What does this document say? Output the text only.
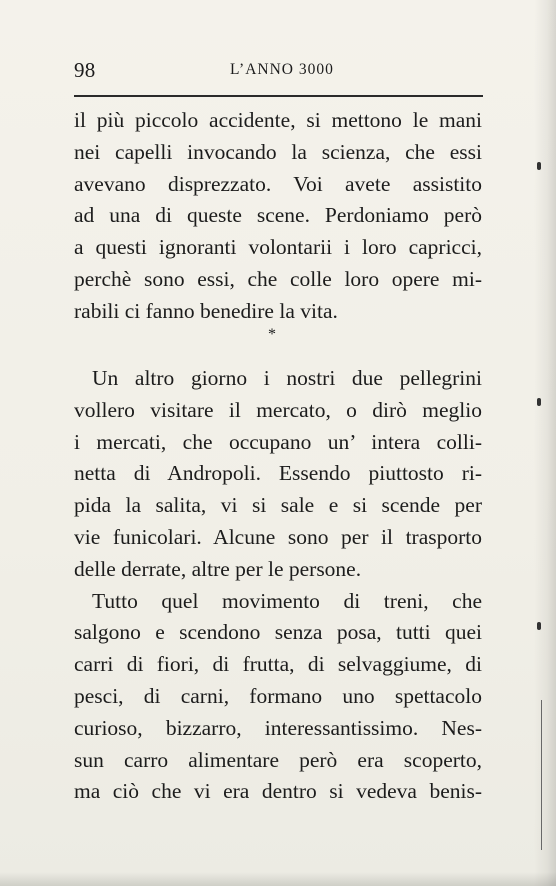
98	L’ANNO 3000
il più piccolo accidente, si mettono le mani
nei capelli invocando la scienza, che essi
avevano disprezzato. Voi avete assistito
ad una di queste scene. Perdoniamo però
a questi ignoranti volontarii i loro capricci,
perchè sono essi, che colle loro opere mi-
rabili ci fanno benedire la vita.
*
Un altro giorno i nostri due pellegrini
vollero visitare il mercato, o dirò meglio
i mercati, che occupano un’ intera colli-
netta di Andropoli. Essendo piuttosto ri-
pida la salita, vi si sale e si scende per
vie funicolari. Alcune sono per il trasporto
delle derrate, altre per le persone.
Tutto quel movimento di treni, che
salgono e scendono senza posa, tutti quei
carri di fiori, di frutta, di selvaggiume, di
pesci, di carni, formano uno spettacolo
curioso, bizzarro, interessantissimo. Nes-
sun carro alimentare però era scoperto,
ma ciò che vi era dentro si vedeva benis-
